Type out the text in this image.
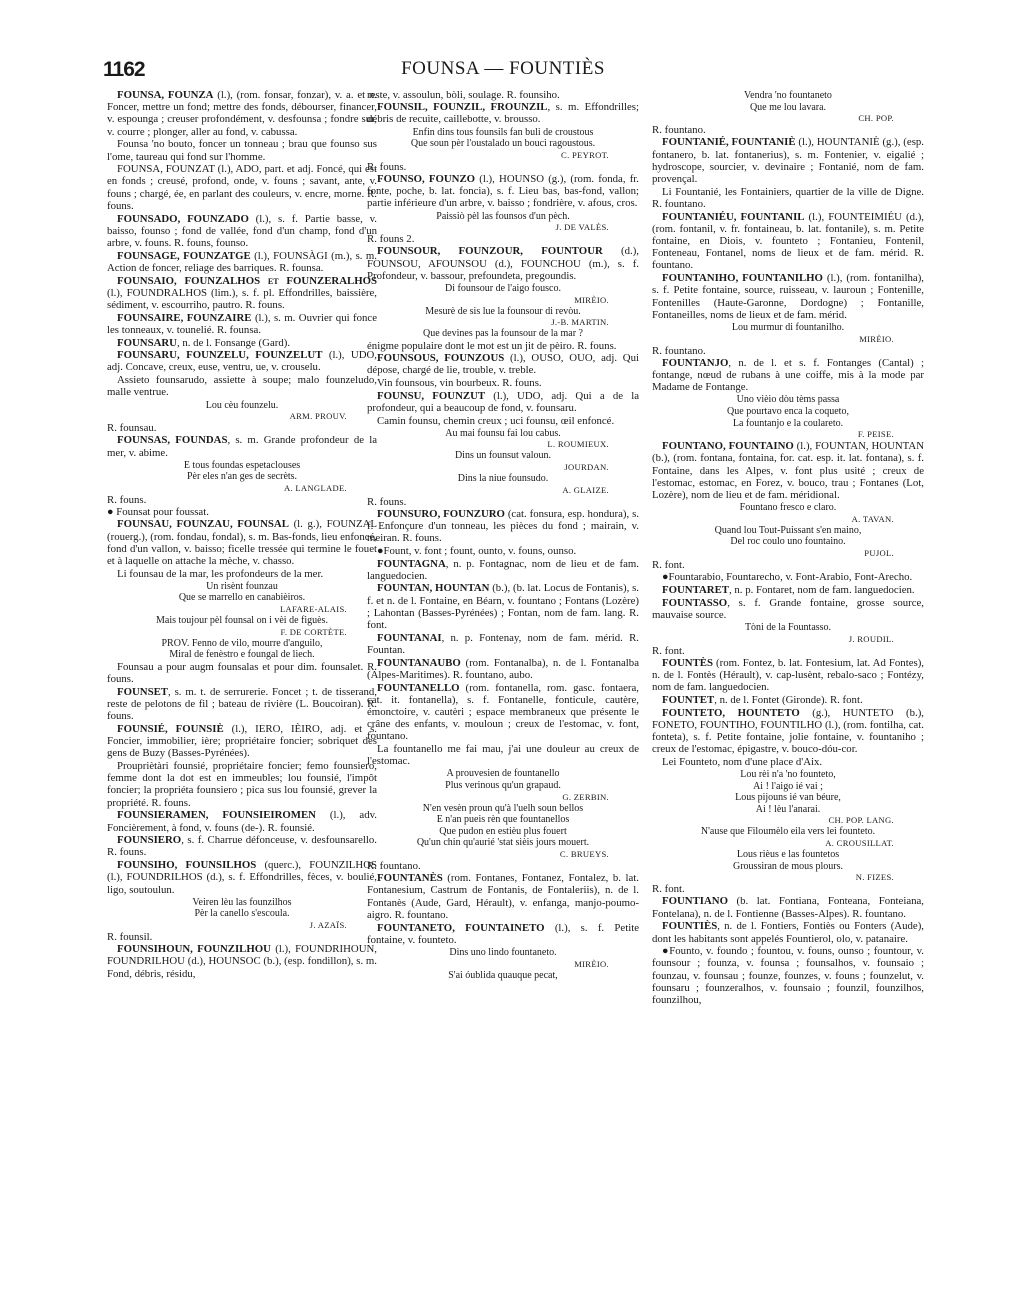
1162	FOUNSA — FOUNTIÈS
FOUNSA, FOUNZA (l.), (rom. fonsar, fonzar), v. a. et n. Foncer, mettre un fond; mettre des fonds, débourser, financer, v. espounga ; creuser profondément, v. desfounsa ; fondre sur, v. courre ; plonger, aller au fond, v. cabussa.
Founsa 'no bouto, foncer un tonneau ; brau que founso sus l'ome, taureau qui fond sur l'homme.
FOUNSA, FOUNZAT (l.), ADO, part. et adj. Foncé, qui est en fonds ; creusé, profond, onde, v. founs ; savant, ante, v. founs ; chargé, ée, en parlant des couleurs, v. encre, morne. R. founs.
FOUNSADO, FOUNZADO (l.), s. f. Partie basse, v. baisso, founso ; fond de vallée, fond d'un champ, fond d'un arbre, v. founs. R. founs, founso.
FOUNSAGE, FOUNZATGE (l.), FOUNSÀGI (m.), s. m. Action de foncer, reliage des barriques. R. founsa.
FOUNSAIO, FOUNZALHOS et FOUNZERALHOS (l.), FOUNDRALHOS (lim.), s. f. pl. Effondrilles, baissière, sédiment, v. escourriho, pautro. R. founs.
FOUNSAIRE, FOUNZAIRE (l.), s. m. Ouvrier qui fonce les tonneaux, v. tounelié. R. founsa.
FOUNSARU, n. de l. Fonsange (Gard).
FOUNSARU, FOUNZELU, FOUNZELUT (l.), UDO, adj. Concave, creux, euse, ventru, ue, v. crouselu.
Assieto founsarudo, assiette à soupe; malo founzeludo, malle ventrue.
Lou cèu founzelu.
ARM. PROUV.
R. founsau.
FOUNSAS, FOUNDAS, s. m. Grande profondeur de la mer, v. abime.
E tous foundas espetaclouses
Pèr eles n'an ges de secrèts.
A. LANGLADE.
R. founs.
● Founsat pour foussat.
FOUNSAU, FOUNZAU, FOUNSAL (l. g.), FOUNZAL (rouerg.), (rom. fondau, fondal), s. m. Bas-fonds, lieu enfoncé, fond d'un vallon, v. baisso; ficelle tressée qui termine le fouet et à laquelle on attache la mèche, v. chasso.
Li founsau de la mar, les profondeurs de la mer.
Un risènt founzau
Que se marrello en canabièiros.
LAFARE-ALAIS.
Mais toujour pèl founsal on i vèi de figuès.
F. DE CORTÈTE.
PROV. Fenno de vilo, mourre d'anguilo,
Miral de fenèstro e foungal de liech.
Founsau a pour augm founsalas et pour dim. founsalet. R. founs.
FOUNSET, s. m. t. de serrurerie. Foncet ; t. de tisserand, reste de pelotons de fil ; bateau de rivière (L. Boucoiran). R. founs.
FOUNSIÉ, FOUNSIÈ (l.), IERO, IÈIRO, adj. et s. Foncier, immobilier, ière; propriétaire foncier; sobriquet des gens de Buzy (Basses-Pyrénées).
Proupriètàri founsié, propriétaire foncier; femo founsiero, femme dont la dot est en immeubles; lou founsié, l'impôt foncier; la propriéta founsiero ; pica sus lou founsié, grever la propriété. R. founs.
FOUNSIERAMEN, FOUNSIEIROMEN (l.), adv. Foncièrement, à fond, v. founs (de-). R. founsié.
FOUNSIERO, s. f. Charrue défonceuse, v. desfounsarello. R. founs.
FOUNSIHO, FOUNSILHOS (querc.), FOUNZILHOS (l.), FOUNDRILHOS (d.), s. f. Effondrilles, fèces, v. boulié, ligo, soutoulun.
Veiren lèu las founzilhos
Pèr la canello s'escoula.
J. AZAÏS.
R. founsil.
FOUNSIHOUN, FOUNZILHOU (l.), FOUNDRIHOUN, FOUNDRILHOU (d.), HOUNSOC (b.), (esp. fondillon), s. m. Fond, débris, résidu,
reste, v. assoulun, bòli, soulage. R. founsiho.
FOUNSIL, FOUNZIL, FROUNZIL, s. m. Effondrilles; débris de recuite, caillebotte, v. brousso.
Enfin dins tous founsils fan buli de croustous
Que soun pèr l'oustalado un bouci ragoustous.
C. PEYROT.
R. founs.
FOUNSO, FOUNZO (l.), HOUNSO (g.), (rom. fonda, fr. fonte, poche, b. lat. foncia), s. f. Lieu bas, bas-fond, vallon; partie inférieure d'un arbre, v. baisso ; fondrière, v. afous, cros.
Paissiò pèl las founsos d'un pèch.
J. DE VALÈS.
R. founs 2.
FOUNSOUR, FOUNZOUR, FOUNTOUR (d.), FOUNSOU, AFOUNSOU (d.), FOUNCHOU (m.), s. f. Profondeur, v. bassour, prefoundeta, pregoundis.
Di founsour de l'aigo fousco.
MIRÈIO.
Mesurè de sis lue la founsour di revòu.
J.-B. MARTIN.
Que devines pas la founsour de la mar ?
énigme populaire dont le mot est un jit de pèiro. R. founs.
FOUNSOUS, FOUNZOUS (l.), OUSO, OUO, adj. Qui dépose, chargé de lie, trouble, v. treble.
Vin founsous, vin bourbeux. R. founs.
FOUNSU, FOUNZUT (l.), UDO, adj. Qui a de la profondeur, qui a beaucoup de fond, v. founsaru.
Camin founsu, chemin creux ; uci founsu, œil enfoncé.
Au mai founsu fai lou cabus.
L. ROUMIEUX.
Dins un founsut valoun.
JOURDAN.
Dins la niue founsudo.
A. GLAIZE.
R. founs.
FOUNSURO, FOUNZURO (cat. fonsura, esp. hondura), s. f. Enfonçure d'un tonneau, les pièces du fond ; mairain, v. meiran. R. founs.
●Fount, v. font ; fount, ounto, v. founs, ounso.
FOUNTAGNA, n. p. Fontagnac, nom de lieu et de fam. languedocien.
FOUNTAN, HOUNTAN (b.), (b. lat. Locus de Fontanis), s. f. et n. de l. Fontaine, en Béarn, v. fountano ; Fontans (Lozère) ; Lahontan (Basses-Pyrénées) ; Fontan, nom de fam. lang. R. font.
FOUNTANAI, n. p. Fontenay, nom de fam. mérid. R. Fountan.
FOUNTANAUBO (rom. Fontanalba), n. de l. Fontanalba (Alpes-Maritimes). R. fountano, aubo.
FOUNTANELLO (rom. fontanella, rom. gasc. fontaera, cat. it. fontanella), s. f. Fontanelle, fonticule, cautère, émonctoire, v. cautèri ; espace membraneux que présente le crâne des enfants, v. mouloun ; creux de l'estomac, v. font, fountano.
La fountanello me fai mau, j'ai une douleur au creux de l'estomac.
A prouvesien de fountanello
Plus verinous qu'un grapaud.
G. ZERBIN.
N'en vesèn proun qu'à l'uelh soun bellos
E n'an pueis rèn que fountanellos
Que pudon en estièu plus fouert
Qu'un chin qu'aurié 'stat sièis jours mouert.
C. BRUEYS.
R. fountano.
FOUNTANÈS (rom. Fontanes, Fontanez, Fontalez, b. lat. Fontanesium, Castrum de Fontanis, de Fontaleriis), n. de l. Fontanès (Aude, Gard, Hérault), v. enfanga, manjo-poumo-aigro. R. fountano.
FOUNTANETO, FOUNTAINETO (l.), s. f. Petite fontaine, v. founteto.
Dins uno lindo fountaneto.
MIRÈIO.
S'ai óublida quauque pecat,
Vendra 'no fountaneto
Que me lou lavara.
CH. POP.
R. fountano.
FOUNTANIÉ, FOUNTANIÈ (l.), HOUNTANIÈ (g.), (esp. fontanero, b. lat. fontanerius), s. m. Fontenier, v. eigalié ; hydroscope, sourcier, v. devinaire ; Fontanié, nom de fam. provençal.
Li Fountanié, les Fontainiers, quartier de la ville de Digne. R. fountano.
FOUNTANIÉU, FOUNTANIL (l.), FOUNTEIMIÉU (d.), (rom. fontanil, v. fr. fontaineau, b. lat. fontanile), s. m. Petite fontaine, en Diois, v. founteto ; Fontanieu, Fontenil, Fonteneau, Fontanel, noms de lieux et de fam. mérid. R. fountano.
FOUNTANIHO, FOUNTANILHO (l.), (rom. fontanilha), s. f. Petite fontaine, source, ruisseau, v. lauroun ; Fontenille, Fontenilles (Haute-Garonne, Dordogne) ; Fontanille, Fontaneilles, noms de lieux et de fam. mérid.
Lou murmur di fountanilho.
MIRÈIO.
R. fountano.
FOUNTANJO, n. de l. et s. f. Fontanges (Cantal) ; fontange, nœud de rubans à une coiffe, mis à la mode par Madame de Fontange.
Uno vièio dòu tèms passa
Que pourtavo enca la coqueto,
La fountanjo e la coulareto.
F. PEISE.
FOUNTANO, FOUNTAINO (l.), FOUNTAN, HOUNTAN (b.), (rom. fontana, fontaina, for. cat. esp. it. lat. fontana), s. f. Fontaine, dans les Alpes, v. font plus usité ; creux de l'estomac, estomac, en Forez, v. bouco, trau ; Fontanes (Lot, Lozère), nom de lieu et de fam. méridional.
Fountano fresco e claro.
A. TAVAN.
Quand lou Tout-Puissant s'en maino,
Del roc coulo uno fountaino.
PUJOL.
R. font.
●Fountarabio, Fountarecho, v. Font-Arabio, Font-Arecho.
FOUNTARET, n. p. Fontaret, nom de fam. languedocien.
FOUNTASSO, s. f. Grande fontaine, grosse source, mauvaise source.
Tòni de la Fountasso.
J. ROUDIL.
R. font.
FOUNTÈS (rom. Fontez, b. lat. Fontesium, lat. Ad Fontes), n. de l. Fontès (Hérault), v. cap-lusènt, rebalo-saco ; Fontézy, nom de fam. languedocien.
FOUNTET, n. de l. Fontet (Gironde). R. font.
FOUNTETO, HOUNTETO (g.), HUNTETO (b.), FONETO, FOUNTIHO, FOUNTILHO (l.), (rom. fontilha, cat. fonteta), s. f. Petite fontaine, jolie fontaine, v. fountaniho ; creux de l'estomac, épigastre, v. bouco-dóu-cor.
Lei Founteto, nom d'une place d'Aix.
Lou rèi n'a 'no founteto,
Ai ! l'aigo ié vai ;
Lous pijouns ié van béure,
Ai ! lèu l'anarai.
CH. POP. LANG.
N'ause que Filoumèlo eila vers lei founteto.
A. CROUSILLAT.
Lous rièus e las fountetos
Groussiran de mous plours.
N. FIZES.
R. font.
FOUNTIANO (b. lat. Fontiana, Fonteana, Fonteiana, Fontelana), n. de l. Fontienne (Basses-Alpes). R. fountano.
FOUNTIÈS, n. de l. Fontiers, Fontiès ou Fonters (Aude), dont les habitants sont appelés Fountierol, olo, v. patanaire.
●Founto, v. foundo ; fountou, v. founs, ounso ; fountour, v. founsour ; founza, v. founsa ; founsalhos, v. founsaio ; founzau, v. founsau ; founze, founzes, v. founs ; founzelut, v. founsaru ; founzeralhos, v. founsaio ; founzil, founzilhos, founzilhou,
